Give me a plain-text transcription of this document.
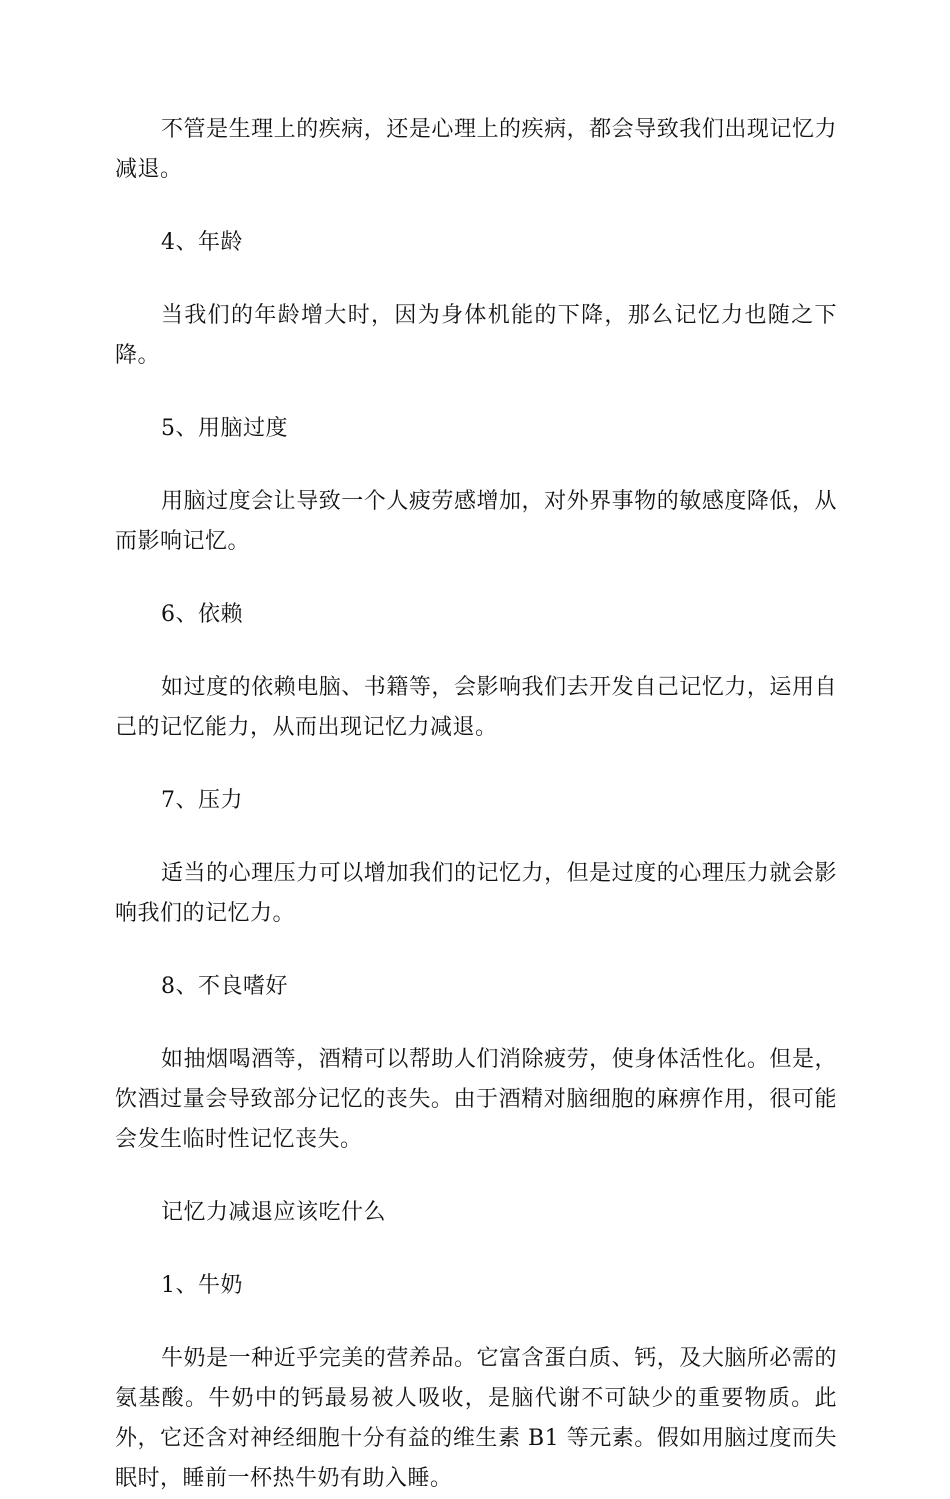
不管是生理上的疾病，还是心理上的疾病，都会导致我们出现记忆力减退。

4、年龄

当我们的年龄增大时，因为身体机能的下降，那么记忆力也随之下降。

5、用脑过度

用脑过度会让导致一个人疲劳感增加，对外界事物的敏感度降低，从而影响记忆。

6、依赖

如过度的依赖电脑、书籍等，会影响我们去开发自己记忆力，运用自己的记忆能力，从而出现记忆力减退。

7、压力

适当的心理压力可以增加我们的记忆力，但是过度的心理压力就会影响我们的记忆力。

8、不良嗜好

如抽烟喝酒等，酒精可以帮助人们消除疲劳，使身体活性化。但是，饮酒过量会导致部分记忆的丧失。由于酒精对脑细胞的麻痹作用，很可能会发生临时性记忆丧失。

记忆力减退应该吃什么

1、牛奶

牛奶是一种近乎完美的营养品。它富含蛋白质、钙，及大脑所必需的氨基酸。牛奶中的钙最易被人吸收，是脑代谢不可缺少的重要物质。此外，它还含对神经细胞十分有益的维生素 B1 等元素。假如用脑过度而失眠时，睡前一杯热牛奶有助入睡。
